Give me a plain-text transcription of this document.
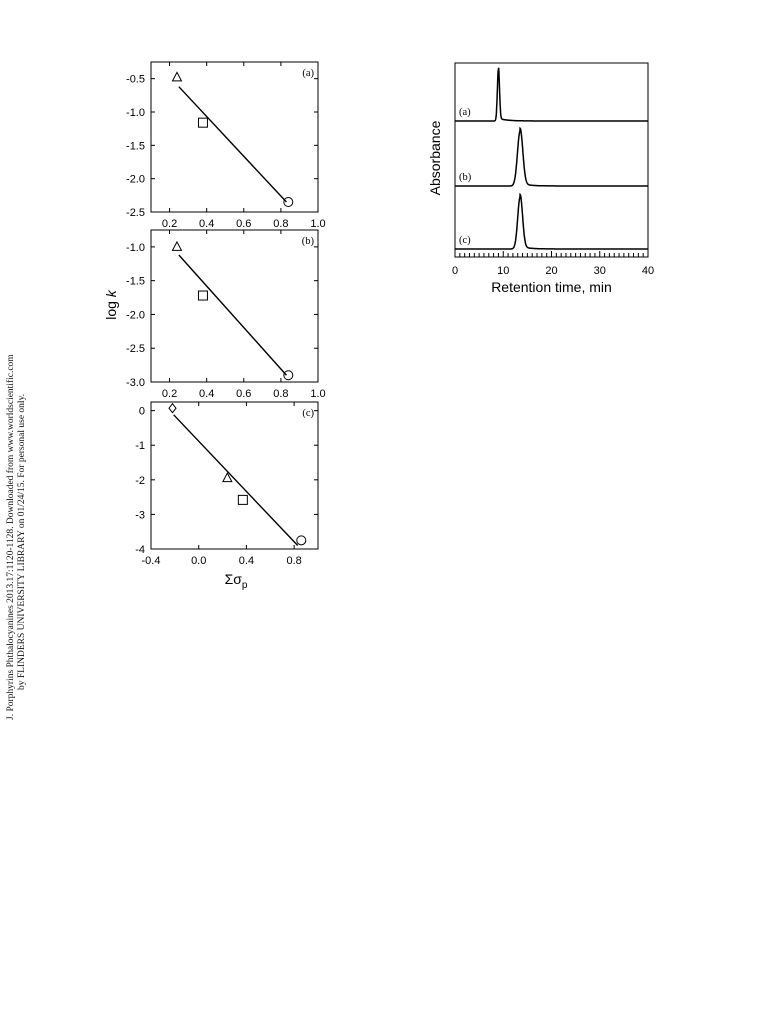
J. Porphyrins Phthalocyanines 2013.17:1120-1128. Downloaded from www.worldscientific.com by FLINDERS UNIVERSITY LIBRARY on 01/24/15. For personal use only.
log k
0.2 0.4 0.6 0.8 1.0
-0.5
-1.0
-1.5
-2.0
-2.5
(a)
0.2 0.4 0.6 0.8 1.0
-1.0
-1.5
-2.0
-2.5
-3.0
(b)
-0.4	0.0	0.4	0.8
0
-1
-2
-3
-4
(c)
$\Sigma\sigma_p$
0	10	20	30	40
Retention time, min
Absorbance
(a)
(b)
(c)
